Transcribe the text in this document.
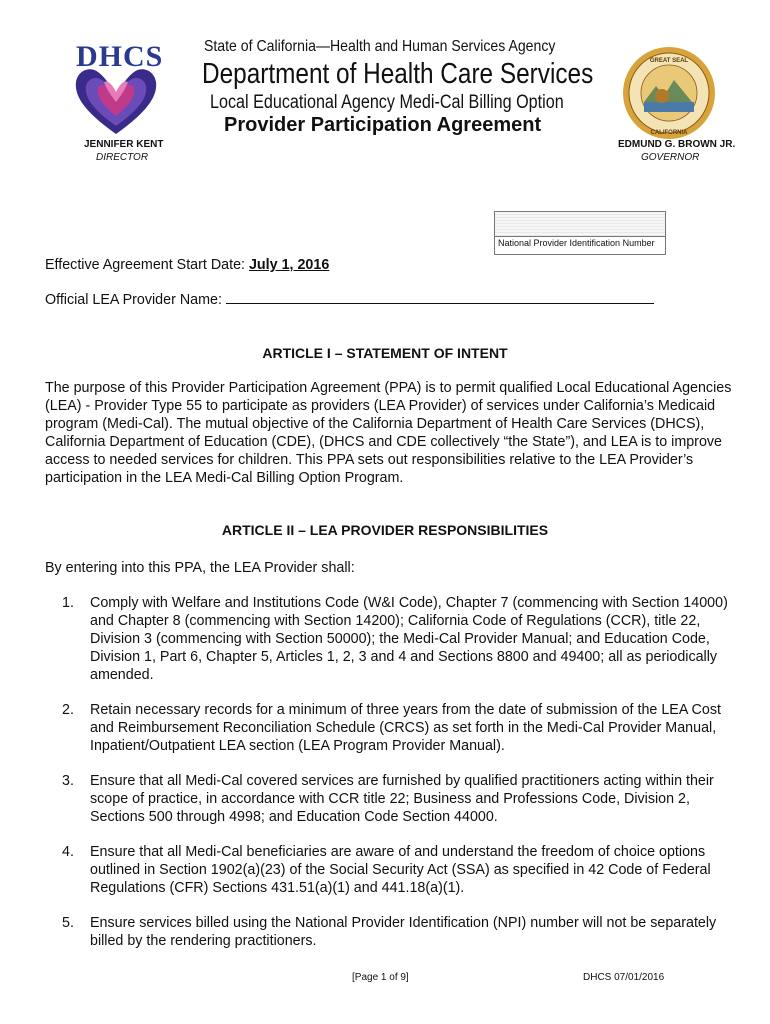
DHCS	State of California—Health and Human Services Agency
Department of Health Care Services
Local Educational Agency Medi-Cal Billing Option
Provider Participation Agreement
GREAT SEAL
CALIFORNIA
JENNIFER KENT
DIRECTOR
EDMUND G. BROWN JR.
GOVERNOR
National Provider Identification Number
Effective Agreement Start Date: July 1, 2016
Official LEA Provider Name:
ARTICLE I – STATEMENT OF INTENT
The purpose of this Provider Participation Agreement (PPA) is to permit qualified Local Educational Agencies (LEA) - Provider Type 55 to participate as providers (LEA Provider) of services under California’s Medicaid program (Medi-Cal). The mutual objective of the California Department of Health Care Services (DHCS), California Department of Education (CDE), (DHCS and CDE collectively “the State”), and LEA is to improve access to needed services for children. This PPA sets out responsibilities relative to the LEA Provider’s participation in the LEA Medi-Cal Billing Option Program.
ARTICLE II – LEA PROVIDER RESPONSIBILITIES
By entering into this PPA, the LEA Provider shall:
1. Comply with Welfare and Institutions Code (W&I Code), Chapter 7 (commencing with Section 14000) and Chapter 8 (commencing with Section 14200); California Code of Regulations (CCR), title 22, Division 3 (commencing with Section 50000); the Medi-Cal Provider Manual; and Education Code, Division 1, Part 6, Chapter 5, Articles 1, 2, 3 and 4 and Sections 8800 and 49400; all as periodically amended.
2. Retain necessary records for a minimum of three years from the date of submission of the LEA Cost and Reimbursement Reconciliation Schedule (CRCS) as set forth in the Medi-Cal Provider Manual, Inpatient/Outpatient LEA section (LEA Program Provider Manual).
3. Ensure that all Medi-Cal covered services are furnished by qualified practitioners acting within their scope of practice, in accordance with CCR title 22; Business and Professions Code, Division 2, Sections 500 through 4998; and Education Code Section 44000.
4. Ensure that all Medi-Cal beneficiaries are aware of and understand the freedom of choice options outlined in Section 1902(a)(23) of the Social Security Act (SSA) as specified in 42 Code of Federal Regulations (CFR) Sections 431.51(a)(1) and 441.18(a)(1).
5. Ensure services billed using the National Provider Identification (NPI) number will not be separately billed by the rendering practitioners.
[Page 1 of 9]	DHCS 07/01/2016
